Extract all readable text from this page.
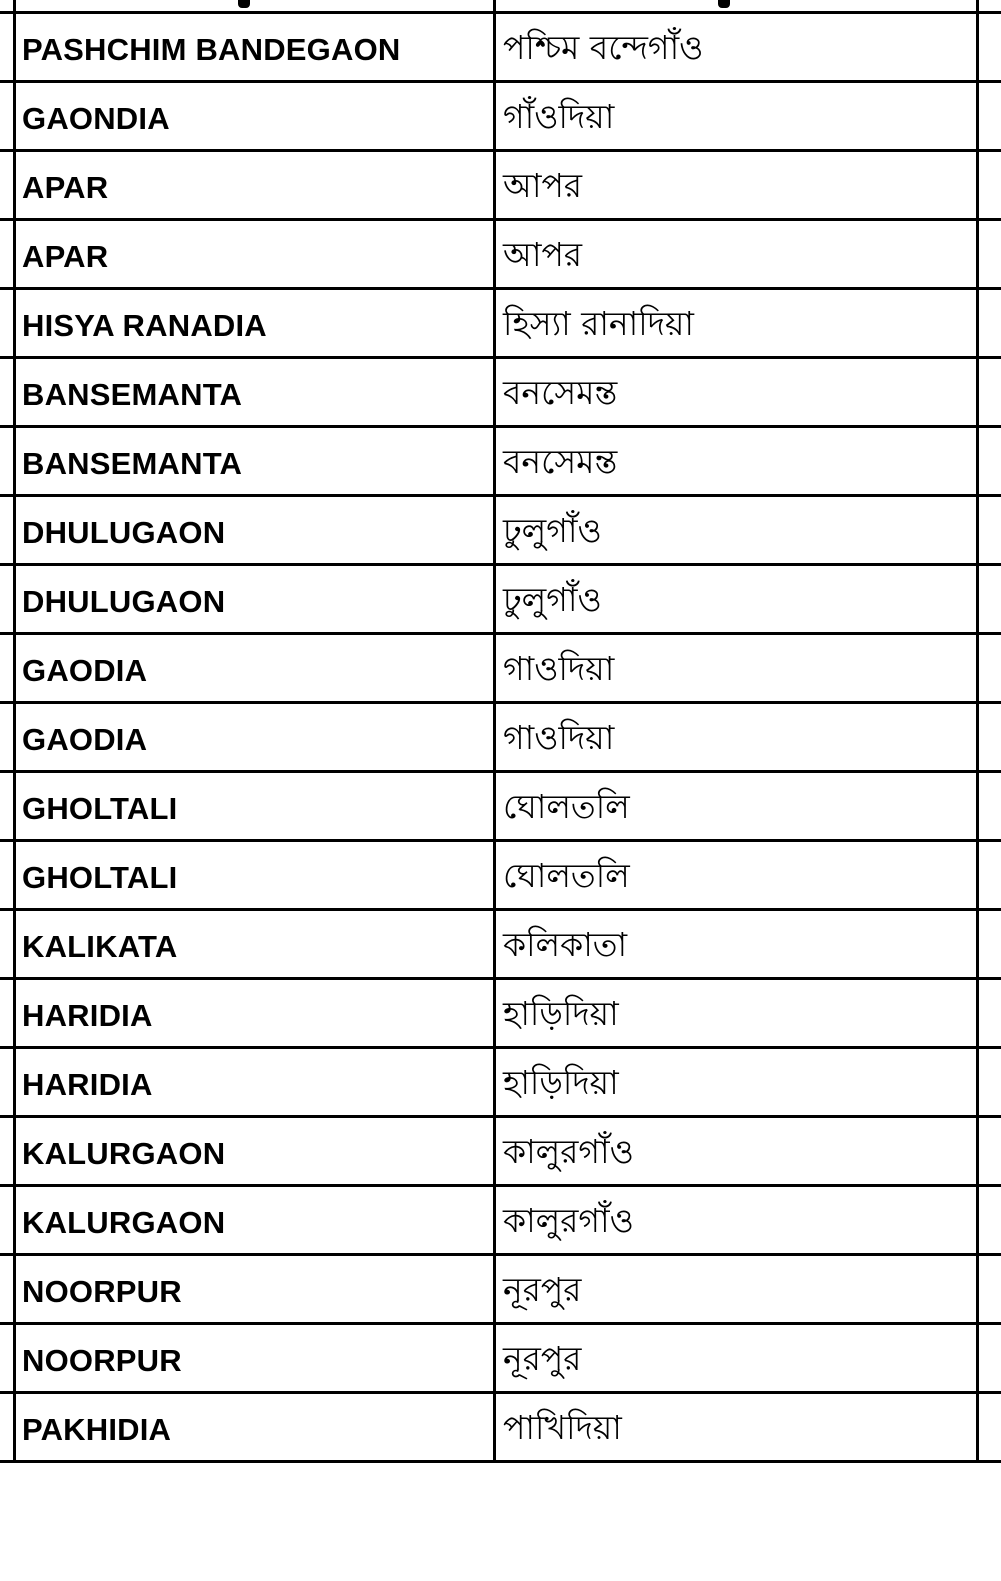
PASHCHIM BANDEGAON	পশ্চিম বন্দেগাঁও
GAONDIA	গাঁওদিয়া
APAR	আপর
APAR	আপর
HISYA RANADIA	হিস্যা রানাদিয়া
BANSEMANTA	বনসেমন্ত
BANSEMANTA	বনসেমন্ত
DHULUGAON	ঢুলুগাঁও
DHULUGAON	ঢুলুগাঁও
GAODIA	গাওদিয়া
GAODIA	গাওদিয়া
GHOLTALI	ঘোলতলি
GHOLTALI	ঘোলতলি
KALIKATA	কলিকাতা
HARIDIA	হাড়িদিয়া
HARIDIA	হাড়িদিয়া
KALURGAON	কালুরগাঁও
KALURGAON	কালুরগাঁও
NOORPUR	নূরপুর
NOORPUR	নূরপুর
PAKHIDIA	পাখিদিয়া
